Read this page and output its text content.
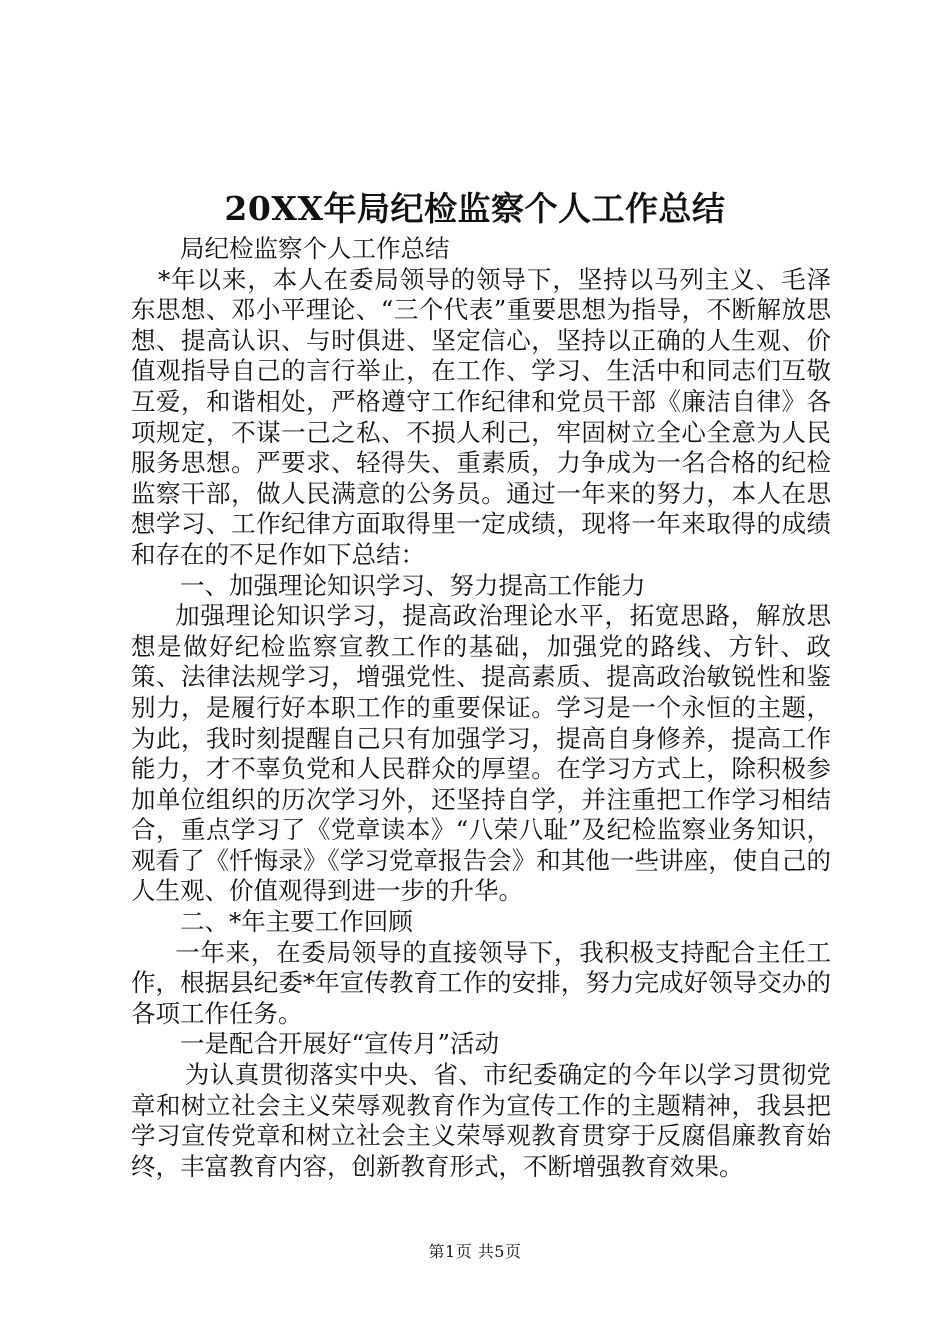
20XX年局纪检监察个人工作总结

局纪检监察个人工作总结

*年以来，本人在委局领导的领导下，坚持以马列主义、毛泽东思想、邓小平理论、“三个代表”重要思想为指导，不断解放思想、提高认识、与时俱进、坚定信心，坚持以正确的人生观、价值观指导自己的言行举止，在工作、学习、生活中和同志们互敬互爱，和谐相处，严格遵守工作纪律和党员干部《廉洁自律》各项规定，不谋一己之私、不损人利己，牢固树立全心全意为人民服务思想。严要求、轻得失、重素质，力争成为一名合格的纪检监察干部，做人民满意的公务员。通过一年来的努力，本人在思想学习、工作纪律方面取得里一定成绩，现将一年来取得的成绩和存在的不足作如下总结：

一、加强理论知识学习、努力提高工作能力

加强理论知识学习，提高政治理论水平，拓宽思路，解放思想是做好纪检监察宣教工作的基础，加强党的路线、方针、政策、法律法规学习，增强党性、提高素质、提高政治敏锐性和鉴别力，是履行好本职工作的重要保证。学习是一个永恒的主题，为此，我时刻提醒自己只有加强学习，提高自身修养，提高工作能力，才不辜负党和人民群众的厚望。在学习方式上，除积极参加单位组织的历次学习外，还坚持自学，并注重把工作学习相结合，重点学习了《党章读本》“八荣八耻”及纪检监察业务知识，观看了《忏悔录》《学习党章报告会》和其他一些讲座，使自己的人生观、价值观得到进一步的升华。

二、*年主要工作回顾

一年来，在委局领导的直接领导下，我积极支持配合主任工作，根据县纪委*年宣传教育工作的安排，努力完成好领导交办的各项工作任务。

一是配合开展好“宣传月”活动

为认真贯彻落实中央、省、市纪委确定的今年以学习贯彻党章和树立社会主义荣辱观教育作为宣传工作的主题精神，我县把学习宣传党章和树立社会主义荣辱观教育贯穿于反腐倡廉教育始终，丰富教育内容，创新教育形式，不断增强教育效果。

第1页 共5页
